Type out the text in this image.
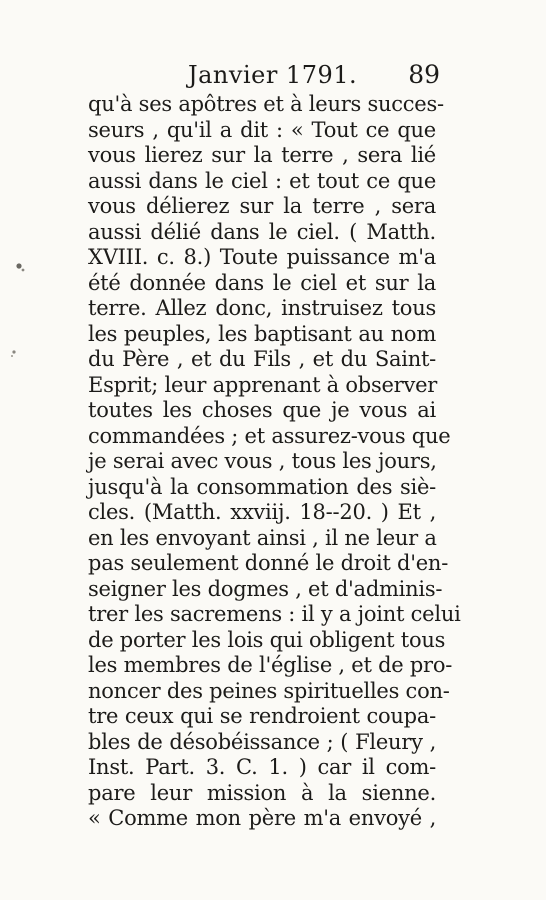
Janvier 1791. 89
qu'à ses apôtres et à leurs succes-
seurs , qu'il a dit : « Tout ce que
vous lierez sur la terre , sera lié
aussi dans le ciel : et tout ce que
vous délierez sur la terre , sera
aussi délié dans le ciel. ( Matth.
XVIII. c. 8.) Toute puissance m'a
été donnée dans le ciel et sur la
terre. Allez donc, instruisez tous
les peuples, les baptisant au nom
du Père , et du Fils , et du Saint-
Esprit; leur apprenant à observer
toutes les choses que je vous ai
commandées ; et assurez-vous que
je serai avec vous , tous les jours,
jusqu'à la consommation des siè-
cles. (Matth. xxviij. 18--20. ) Et ,
en les envoyant ainsi , il ne leur a
pas seulement donné le droit d'en-
seigner les dogmes , et d'adminis-
trer les sacremens : il y a joint celui
de porter les lois qui obligent tous
les membres de l'église , et de pro-
noncer des peines spirituelles con-
tre ceux qui se rendroient coupa-
bles de désobéissance ; ( Fleury ,
Inst. Part. 3. C. 1. ) car il com-
pare leur mission à la sienne.
« Comme mon père m'a envoyé ,
